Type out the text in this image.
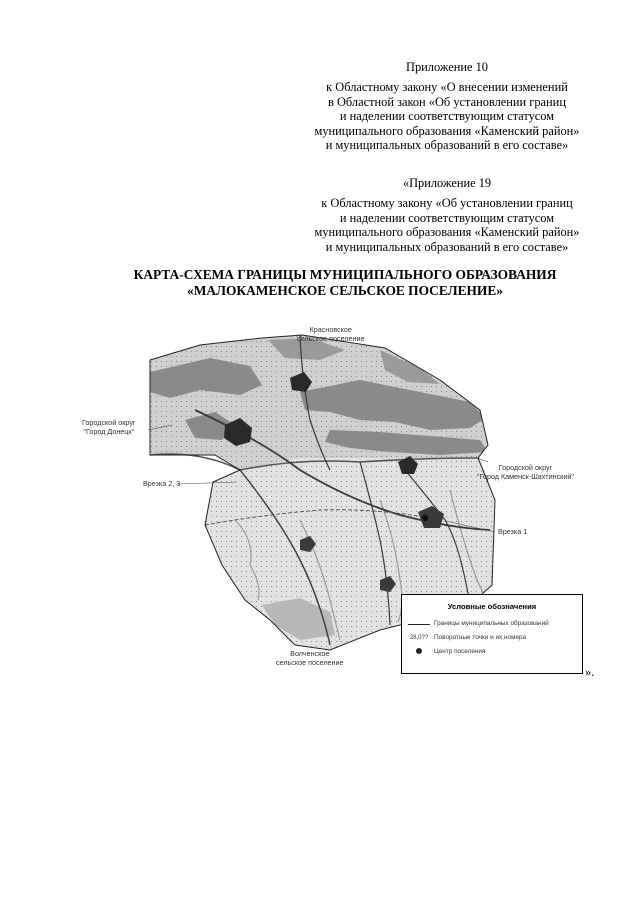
Приложение 10
к Областному закону «О внесении изменений
в Областной закон «Об установлении границ
и наделении соответствующим статусом
муниципального образования «Каменский район»
и муниципальных образований в его составе»
«Приложение 19
к Областному закону «Об установлении границ
и наделении соответствующим статусом
муниципального образования «Каменский район»
и муниципальных образований в его составе»
КАРТА-СХЕМА ГРАНИЦЫ МУНИЦИПАЛЬНОГО ОБРАЗОВАНИЯ
«МАЛОКАМЕНСКОЕ СЕЛЬСКОЕ ПОСЕЛЕНИЕ»
Красновское
сельское поселение
Городской округ
"Город Донецк"
Городской округ
"Город Каменск-Шахтинский"
Волченское
сельское поселение
Врезка 2, 3
Врезка 1
Условные обозначения
Границы муниципальных образований
28,0?? Поворотные точки и их номера
Центр поселения
».
